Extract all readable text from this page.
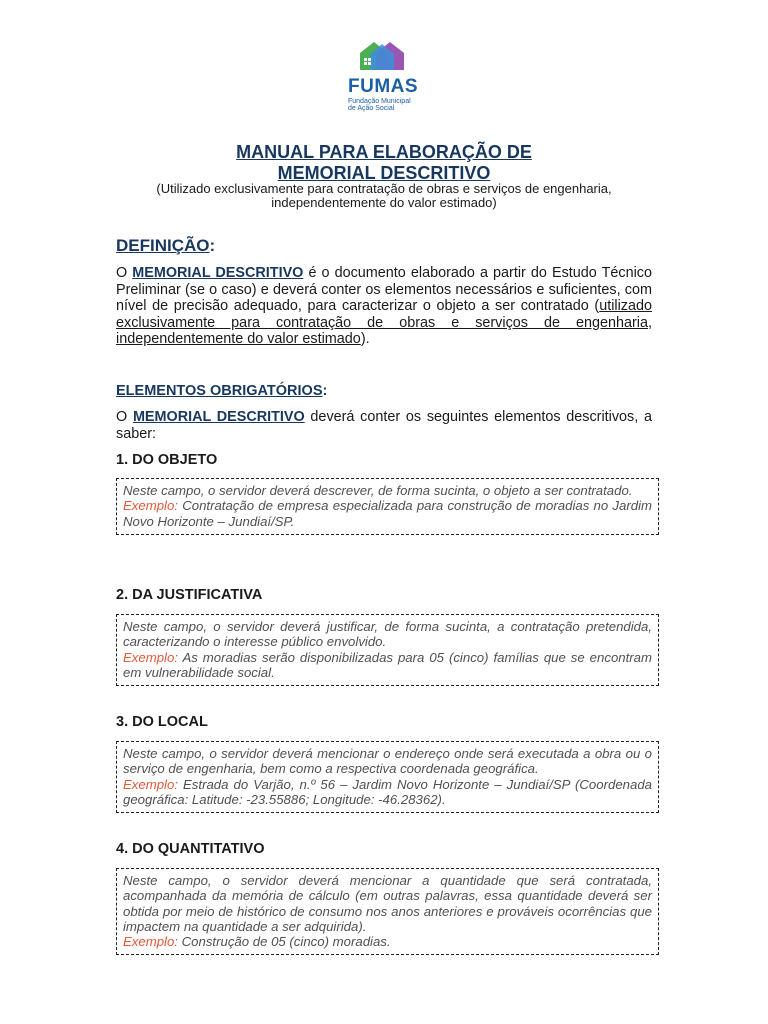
FUMAS
Fundação Municipal de Ação Social
MANUAL PARA ELABORAÇÃO DE
MEMORIAL DESCRITIVO
(Utilizado exclusivamente para contratação de obras e serviços de engenharia, independentemente do valor estimado)
DEFINIÇÃO:
O MEMORIAL DESCRITIVO é o documento elaborado a partir do Estudo Técnico Preliminar (se o caso) e deverá conter os elementos necessários e suficientes, com nível de precisão adequado, para caracterizar o objeto a ser contratado (utilizado exclusivamente para contratação de obras e serviços de engenharia, independentemente do valor estimado).
ELEMENTOS OBRIGATÓRIOS:
O MEMORIAL DESCRITIVO deverá conter os seguintes elementos descritivos, a saber:
1. DO OBJETO
Neste campo, o servidor deverá descrever, de forma sucinta, o objeto a ser contratado.
Exemplo: Contratação de empresa especializada para construção de moradias no Jardim Novo Horizonte – Jundiaí/SP.
2. DA JUSTIFICATIVA
Neste campo, o servidor deverá justificar, de forma sucinta, a contratação pretendida, caracterizando o interesse público envolvido.
Exemplo: As moradias serão disponibilizadas para 05 (cinco) famílias que se encontram em vulnerabilidade social.
3. DO LOCAL
Neste campo, o servidor deverá mencionar o endereço onde será executada a obra ou o serviço de engenharia, bem como a respectiva coordenada geográfica.
Exemplo: Estrada do Varjão, n.º 56 – Jardim Novo Horizonte – Jundiaí/SP (Coordenada geográfica: Latitude: -23.55886; Longitude: -46.28362).
4. DO QUANTITATIVO
Neste campo, o servidor deverá mencionar a quantidade que será contratada, acompanhada da memória de cálculo (em outras palavras, essa quantidade deverá ser obtida por meio de histórico de consumo nos anos anteriores e prováveis ocorrências que impactem na quantidade a ser adquirida).
Exemplo: Construção de 05 (cinco) moradias.
